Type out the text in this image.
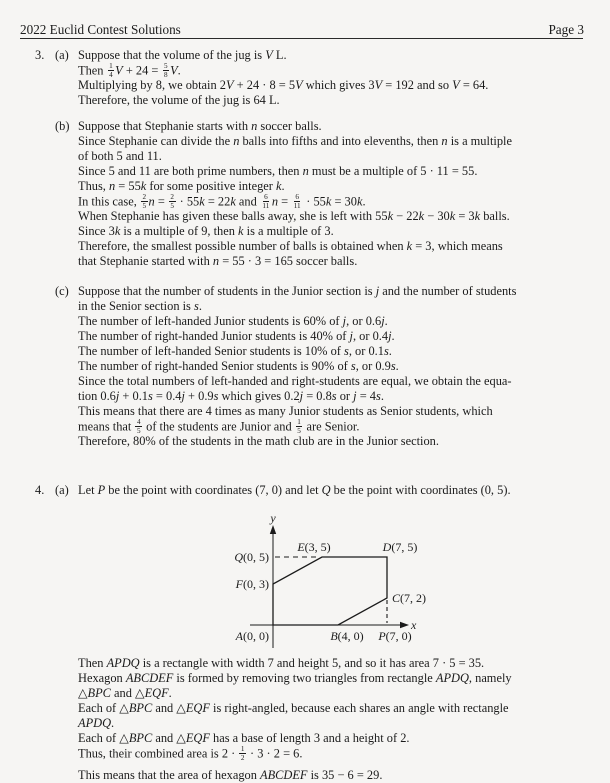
2022 Euclid Contest Solutions	Page 3
3. (a) Suppose that the volume of the jug is V L.
Then $\frac{1}{4}$ $V + 24 = \frac{5}{8} V$.
Multiplying by 8, we obtain 2V + 24 · 8 = 5V which gives 3V = 192 and so V = 64.
Therefore, the volume of the jug is 64 L.
(b) Suppose that Stephanie starts with n soccer balls.
Since Stephanie can divide the n balls into fifths and into elevenths, then n is a multiple
of both 5 and 11.
Since 5 and 11 are both prime numbers, then n must be a multiple of 5 · 11 = 55.
Thus, n = 55k for some positive integer k.
In this case, $\frac{2}{5}$ $n = \frac{2}{5} \cdot 55k = 22k$ and $\frac{6}{11}$ $n = \frac{6}{11} \cdot 55k = 30k$.
When Stephanie has given these balls away, she is left with 55k − 22k − 30k = 3k balls.
Since 3k is a multiple of 9, then k is a multiple of 3.
Therefore, the smallest possible number of balls is obtained when k = 3, which means
that Stephanie started with n = 55 · 3 = 165 soccer balls.
(c) Suppose that the number of students in the Junior section is j and the number of students
in the Senior section is s.
The number of left-handed Junior students is 60% of j, or 0.6j.
The number of right-handed Junior students is 40% of j, or 0.4j.
The number of left-handed Senior students is 10% of s, or 0.1s.
The number of right-handed Senior students is 90% of s, or 0.9s.
Since the total numbers of left-handed and right-students are equal, we obtain the equa-
tion 0.6j + 0.1s = 0.4j + 0.9s which gives 0.2j = 0.8s or j = 4s.
This means that there are 4 times as many Junior students as Senior students, which
means that $\frac{4}{5}$ of the students are Junior and $\frac{1}{5}$ are Senior.
Therefore, 80% of the students in the math club are in the Junior section.
4. (a) Let P be the point with coordinates (7, 0) and let Q be the point with coordinates (0, 5).
y
x
Q(0, 5)
E(3, 5)	D(7, 5)
F(0, 3)
C(7, 2)
A(0, 0)	B(4, 0) P(7, 0)
Then APDQ is a rectangle with width 7 and height 5, and so it has area 7 · 5 = 35.
Hexagon ABCDEF is formed by removing two triangles from rectangle APDQ, namely
△BPC and △EQF.
Each of △BPC and △EQF is right-angled, because each shares an angle with rectangle
APDQ.
Each of △BPC and △EQF has a base of length 3 and a height of 2.
Thus, their combined area is $2 \cdot \frac{1}{2} \cdot 3 \cdot 2 = 6$.
This means that the area of hexagon ABCDEF is 35 − 6 = 29.
